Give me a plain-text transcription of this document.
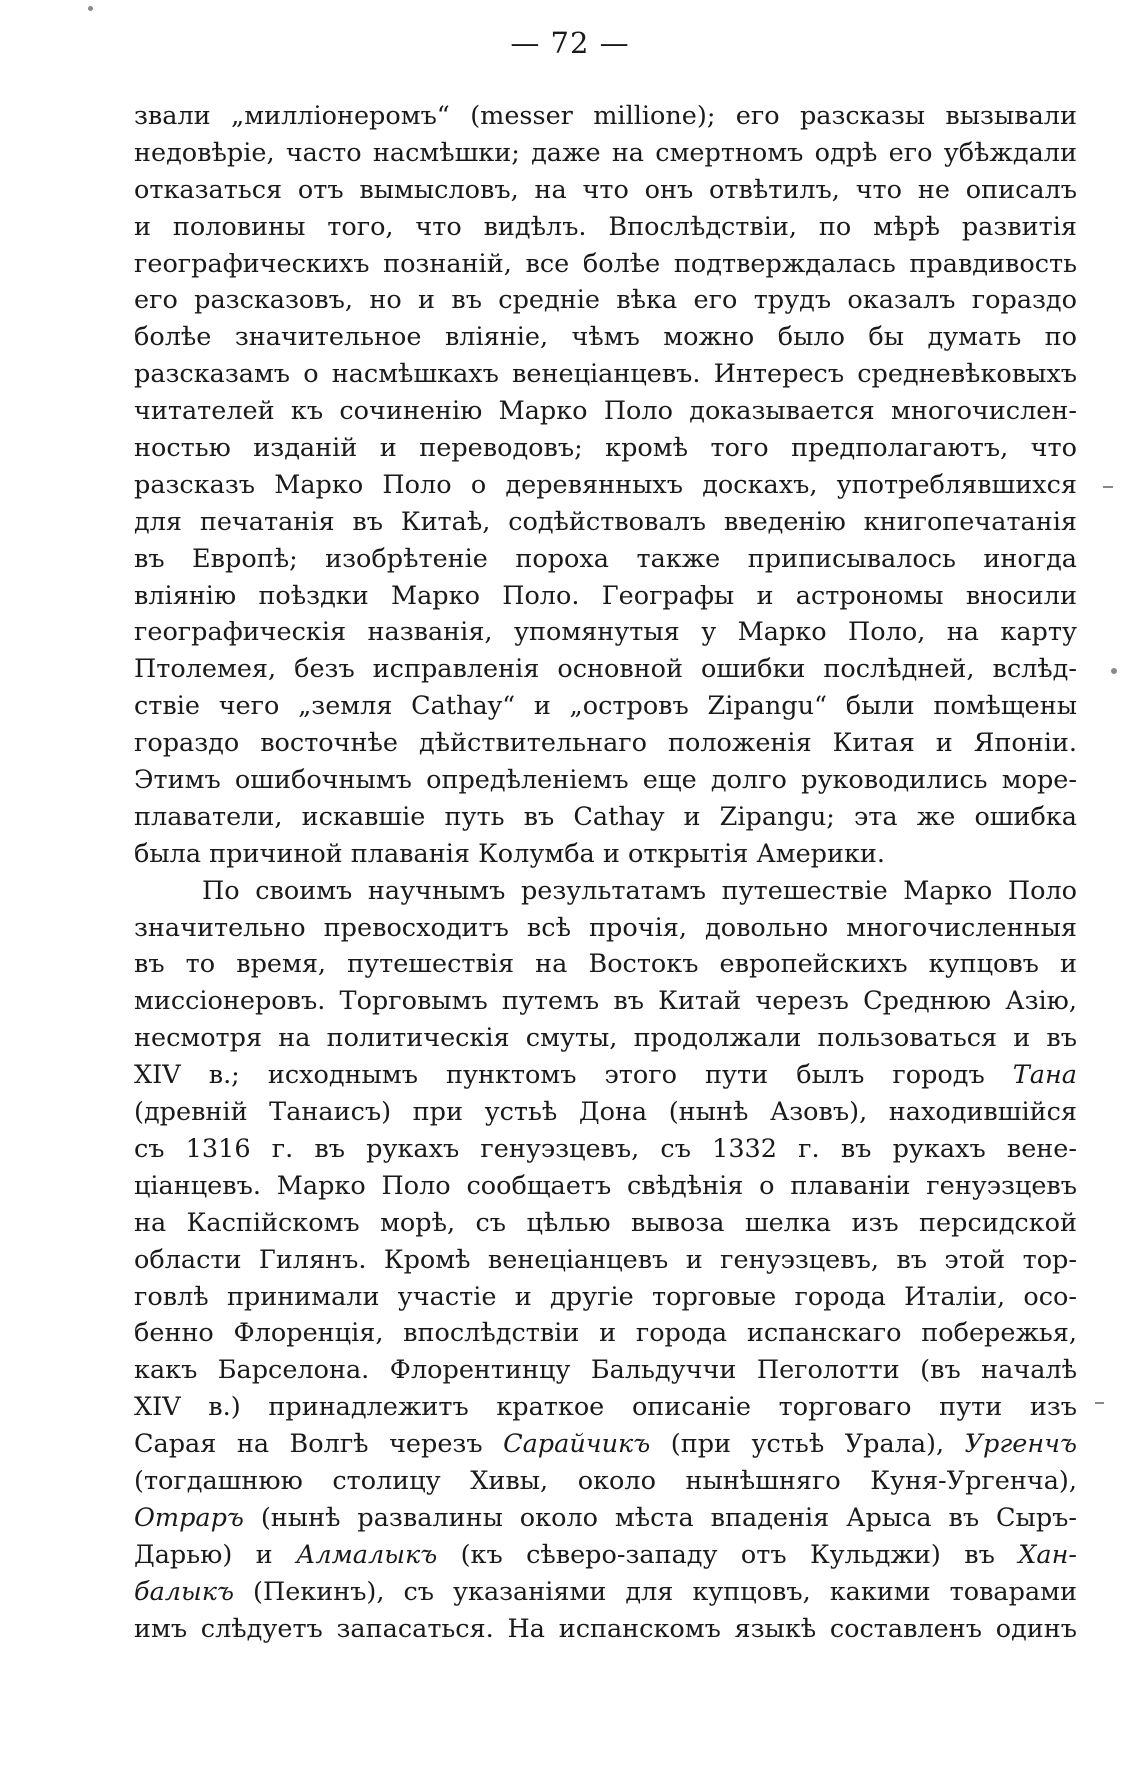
— 72 —
звали „милліонеромъ“ (messer millione); его разсказы вызывали
недовѣріе, часто насмѣшки; даже на смертномъ одрѣ его убѣждали
отказаться отъ вымысловъ, на что онъ отвѣтилъ, что не описалъ
и половины того, что видѣлъ. Впослѣдствіи, по мѣрѣ развитія
географическихъ познаній, все болѣе подтверждалась правдивость
его разсказовъ, но и въ средніе вѣка его трудъ оказалъ гораздо
болѣе значительное вліяніе, чѣмъ можно было бы думать по
разсказамъ о насмѣшкахъ венеціанцевъ. Интересъ средневѣковыхъ
читателей къ сочиненію Марко Поло доказывается многочислен-
ностью изданій и переводовъ; кромѣ того предполагаютъ, что
разсказъ Марко Поло о деревянныхъ доскахъ, употреблявшихся
для печатанія въ Китаѣ, содѣйствовалъ введенію книгопечатанія
въ Европѣ; изобрѣтеніе пороха также приписывалось иногда
вліянію поѣздки Марко Поло. Географы и астрономы вносили
географическія названія, упомянутыя у Марко Поло, на карту
Птолемея, безъ исправленія основной ошибки послѣдней, вслѣд-
ствіе чего „земля Cathay“ и „островъ Zipangu“ были помѣщены
гораздо восточнѣе дѣйствительнаго положенія Китая и Японіи.
Этимъ ошибочнымъ опредѣленіемъ еще долго руководились море-
плаватели, искавшіе путь въ Cathay и Zipangu; эта же ошибка
была причиной плаванія Колумба и открытія Америки.
По своимъ научнымъ результатамъ путешествіе Марко Поло
значительно превосходитъ всѣ прочія, довольно многочисленныя
въ то время, путешествія на Востокъ европейскихъ купцовъ и
миссіонеровъ. Торговымъ путемъ въ Китай черезъ Среднюю Азію,
несмотря на политическія смуты, продолжали пользоваться и въ
XIV в.; исходнымъ пунктомъ этого пути былъ городъ Тана
(древній Танаисъ) при устьѣ Дона (нынѣ Азовъ), находившійся
съ 1316 г. въ рукахъ генуэзцевъ, съ 1332 г. въ рукахъ вене-
ціанцевъ. Марко Поло сообщаетъ свѣдѣнія о плаваніи генуэзцевъ
на Каспійскомъ морѣ, съ цѣлью вывоза шелка изъ персидской
области Гилянъ. Кромѣ венеціанцевъ и генуэзцевъ, въ этой тор-
говлѣ принимали участіе и другіе торговые города Италіи, осо-
бенно Флоренція, впослѣдствіи и города испанскаго побережья,
какъ Барселона. Флорентинцу Бальдуччи Пеголотти (въ началѣ
XIV в.) принадлежитъ краткое описаніе торговаго пути изъ
Сарая на Волгѣ черезъ Сарайчикъ (при устьѣ Урала), Ургенчъ
(тогдашнюю столицу Хивы, около нынѣшняго Куня-Ургенча),
Отраръ (нынѣ развалины около мѣста впаденія Арыса въ Сыръ-
Дарью) и Алмалыкъ (къ сѣверо-западу отъ Кульджи) въ Хан-
балыкъ (Пекинъ), съ указаніями для купцовъ, какими товарами
имъ слѣдуетъ запасаться. На испанскомъ языкѣ составленъ одинъ
